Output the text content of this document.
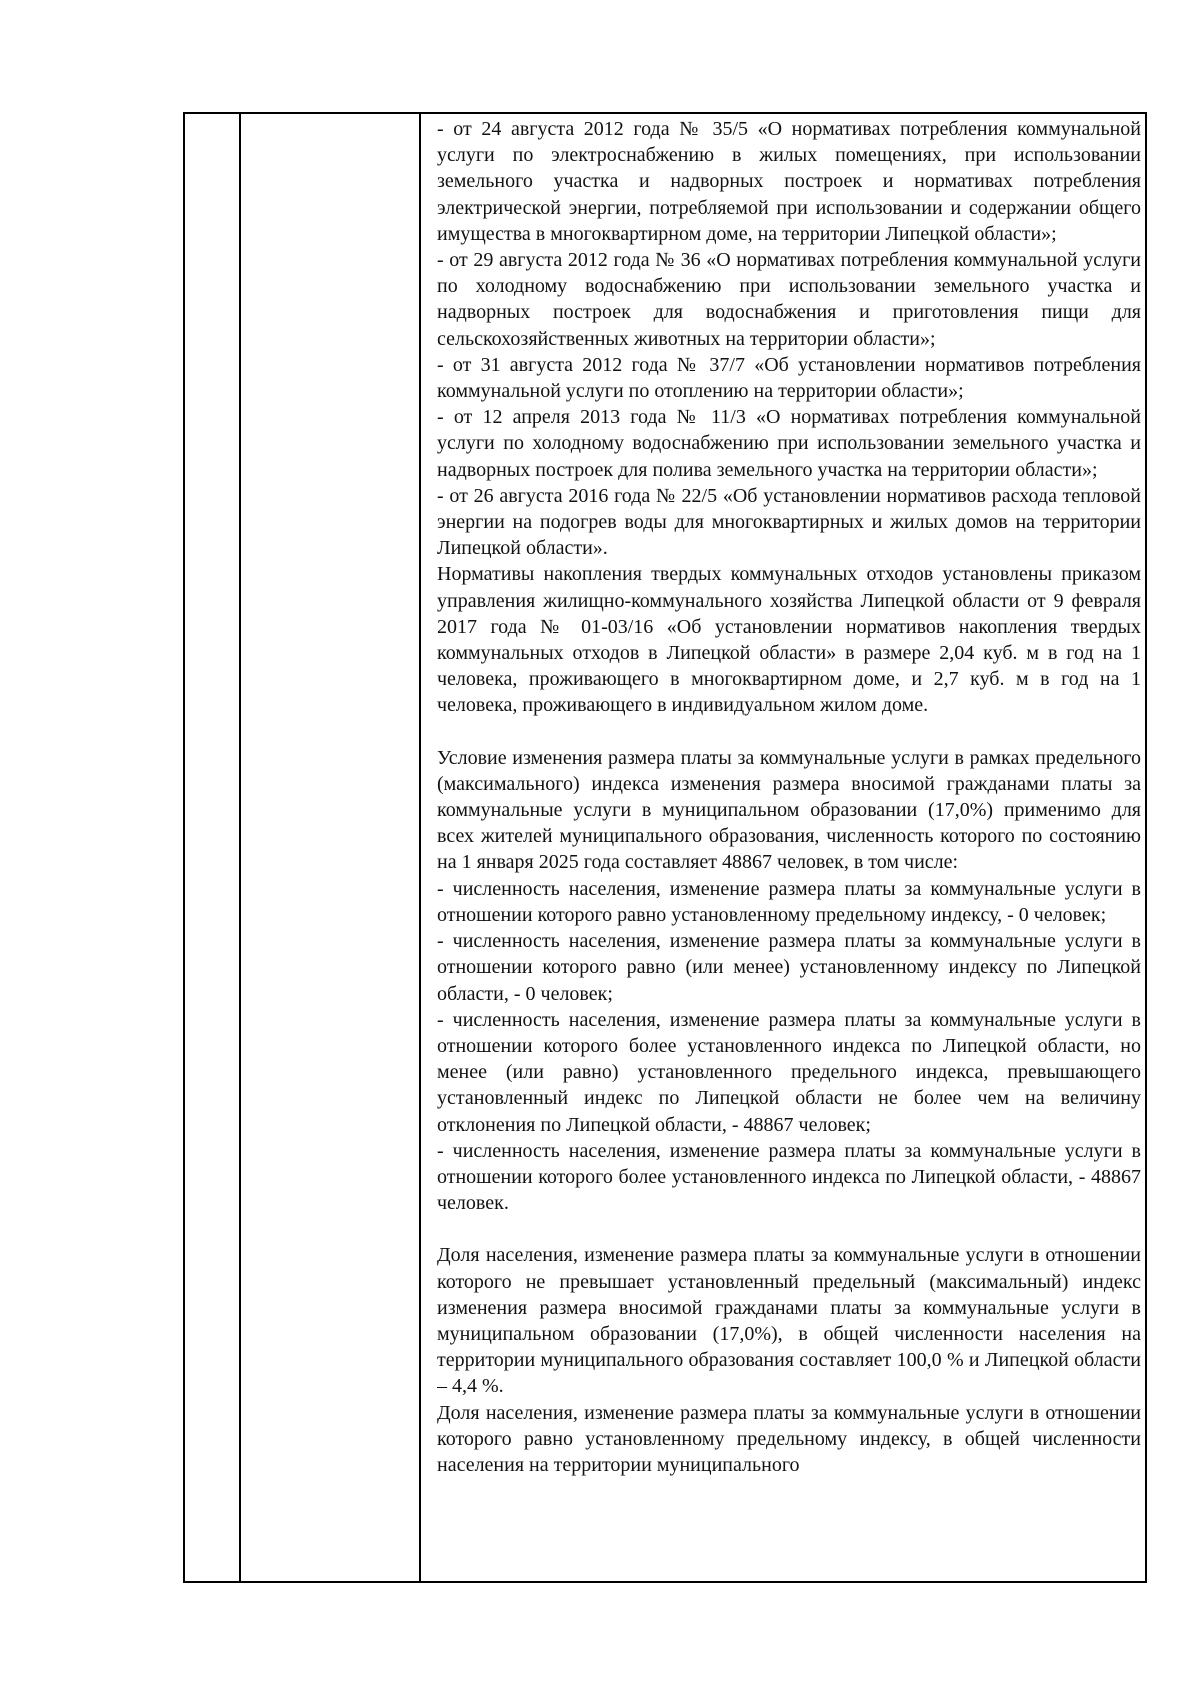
- от 24 августа 2012 года № 35/5 «О нормативах потребления коммунальной услуги по электроснабжению в жилых помещениях, при использовании земельного участка и надворных построек и нормативах потребления электрической энергии, потребляемой при использовании и содержании общего имущества в многоквартирном доме, на территории Липецкой области»;

- от 29 августа 2012 года № 36 «О нормативах потребления коммунальной услуги по холодному водоснабжению при использовании земельного участка и надворных построек для водоснабжения и приготовления пищи для сельскохозяйственных животных на территории области»;

- от 31 августа 2012 года № 37/7 «Об установлении нормативов потребления коммунальной услуги по отоплению на территории области»;

- от 12 апреля 2013 года № 11/3 «О нормативах потребления коммунальной услуги по холодному водоснабжению при использовании земельного участка и надворных построек для полива земельного участка на территории области»;

- от 26 августа 2016 года № 22/5 «Об установлении нормативов расхода тепловой энергии на подогрев воды для многоквартирных и жилых домов на территории Липецкой области».

Нормативы накопления твердых коммунальных отходов установлены приказом управления жилищно-коммунального хозяйства Липецкой области от 9 февраля 2017 года № 01-03/16 «Об установлении нормативов накопления твердых коммунальных отходов в Липецкой области» в размере 2,04 куб. м в год на 1 человека, проживающего в многоквартирном доме, и 2,7 куб. м в год на 1 человека, проживающего в индивидуальном жилом доме.

Условие изменения размера платы за коммунальные услуги в рамках предельного (максимального) индекса изменения размера вносимой гражданами платы за коммунальные услуги в муниципальном образовании (17,0%) применимо для всех жителей муниципального образования, численность которого по состоянию на 1 января 2025 года составляет 48867 человек, в том числе:

- численность населения, изменение размера платы за коммунальные услуги в отношении которого равно установленному предельному индексу, - 0 человек;

- численность населения, изменение размера платы за коммунальные услуги в отношении которого равно (или менее) установленному индексу по Липецкой области, - 0 человек;

- численность населения, изменение размера платы за коммунальные услуги в отношении которого более установленного индекса по Липецкой области, но менее (или равно) установленного предельного индекса, превышающего установленный индекс по Липецкой области не более чем на величину отклонения по Липецкой области, - 48867 человек;

- численность населения, изменение размера платы за коммунальные услуги в отношении которого более установленного индекса по Липецкой области, - 48867 человек.

Доля населения, изменение размера платы за коммунальные услуги в отношении которого не превышает установленный предельный (максимальный) индекс изменения размера вносимой гражданами платы за коммунальные услуги в муниципальном образовании (17,0%), в общей численности населения на территории муниципального образования составляет 100,0 % и Липецкой области – 4,4 %.

Доля населения, изменение размера платы за коммунальные услуги в отношении которого равно установленному предельному индексу, в общей численности населения на территории муниципального
